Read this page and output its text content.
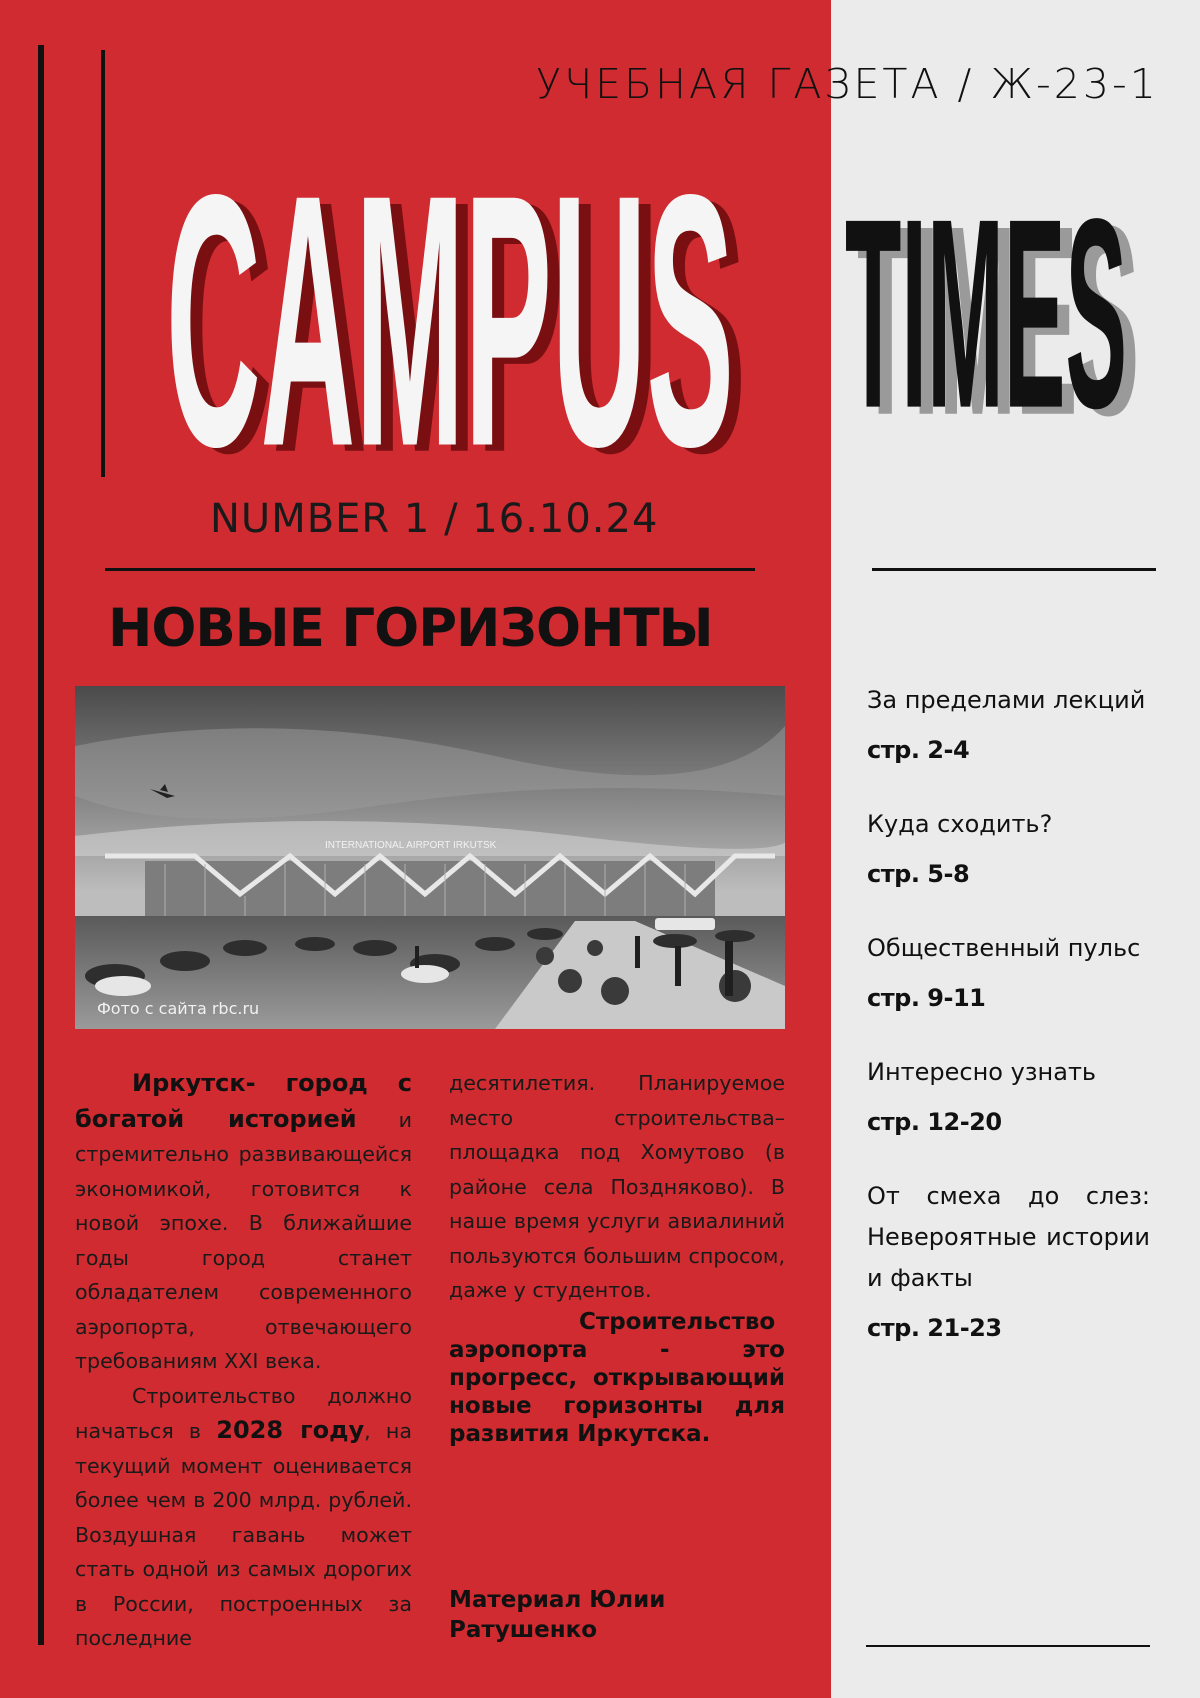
УЧЕБНАЯ ГАЗЕТА / Ж-23-1
CAMPUS
CAMPUS TIMES
TIMES
NUMBER 1 / 16.10.24
НОВЫЕ ГОРИЗОНТЫ
INTERNATIONAL AIRPORT IRKUTSK
Фото с сайта rbc.ru

Иркутск- город с богатой историей и стремительно развивающейся экономикой, готовится к новой эпохе. В ближайшие годы город станет обладателем современного аэропорта, отвечающего требованиям XXI века.

Строительство должно начаться в 2028 году, на текущий момент оценивается более чем в 200 млрд. рублей. Воздушная гавань может стать одной из самых дорогих в России, построенных за последние

десятилетия. Планируемое место строительства– площадка под Хомутово (в районе села Поздняково). В наше время услуги авиалиний пользуются большим спросом, даже у студентов.

Строительство аэропорта - это прогресс, открывающий новые горизонты для развития Иркутска.

Материал Юлии Ратушенко
За пределами лекций
стр. 2-4
Куда сходить?
стр. 5-8
Общественный пульс
стр. 9-11
Интересно узнать
стр. 12-20
От смеха до слез: Невероятные истории и факты
стр. 21-23
